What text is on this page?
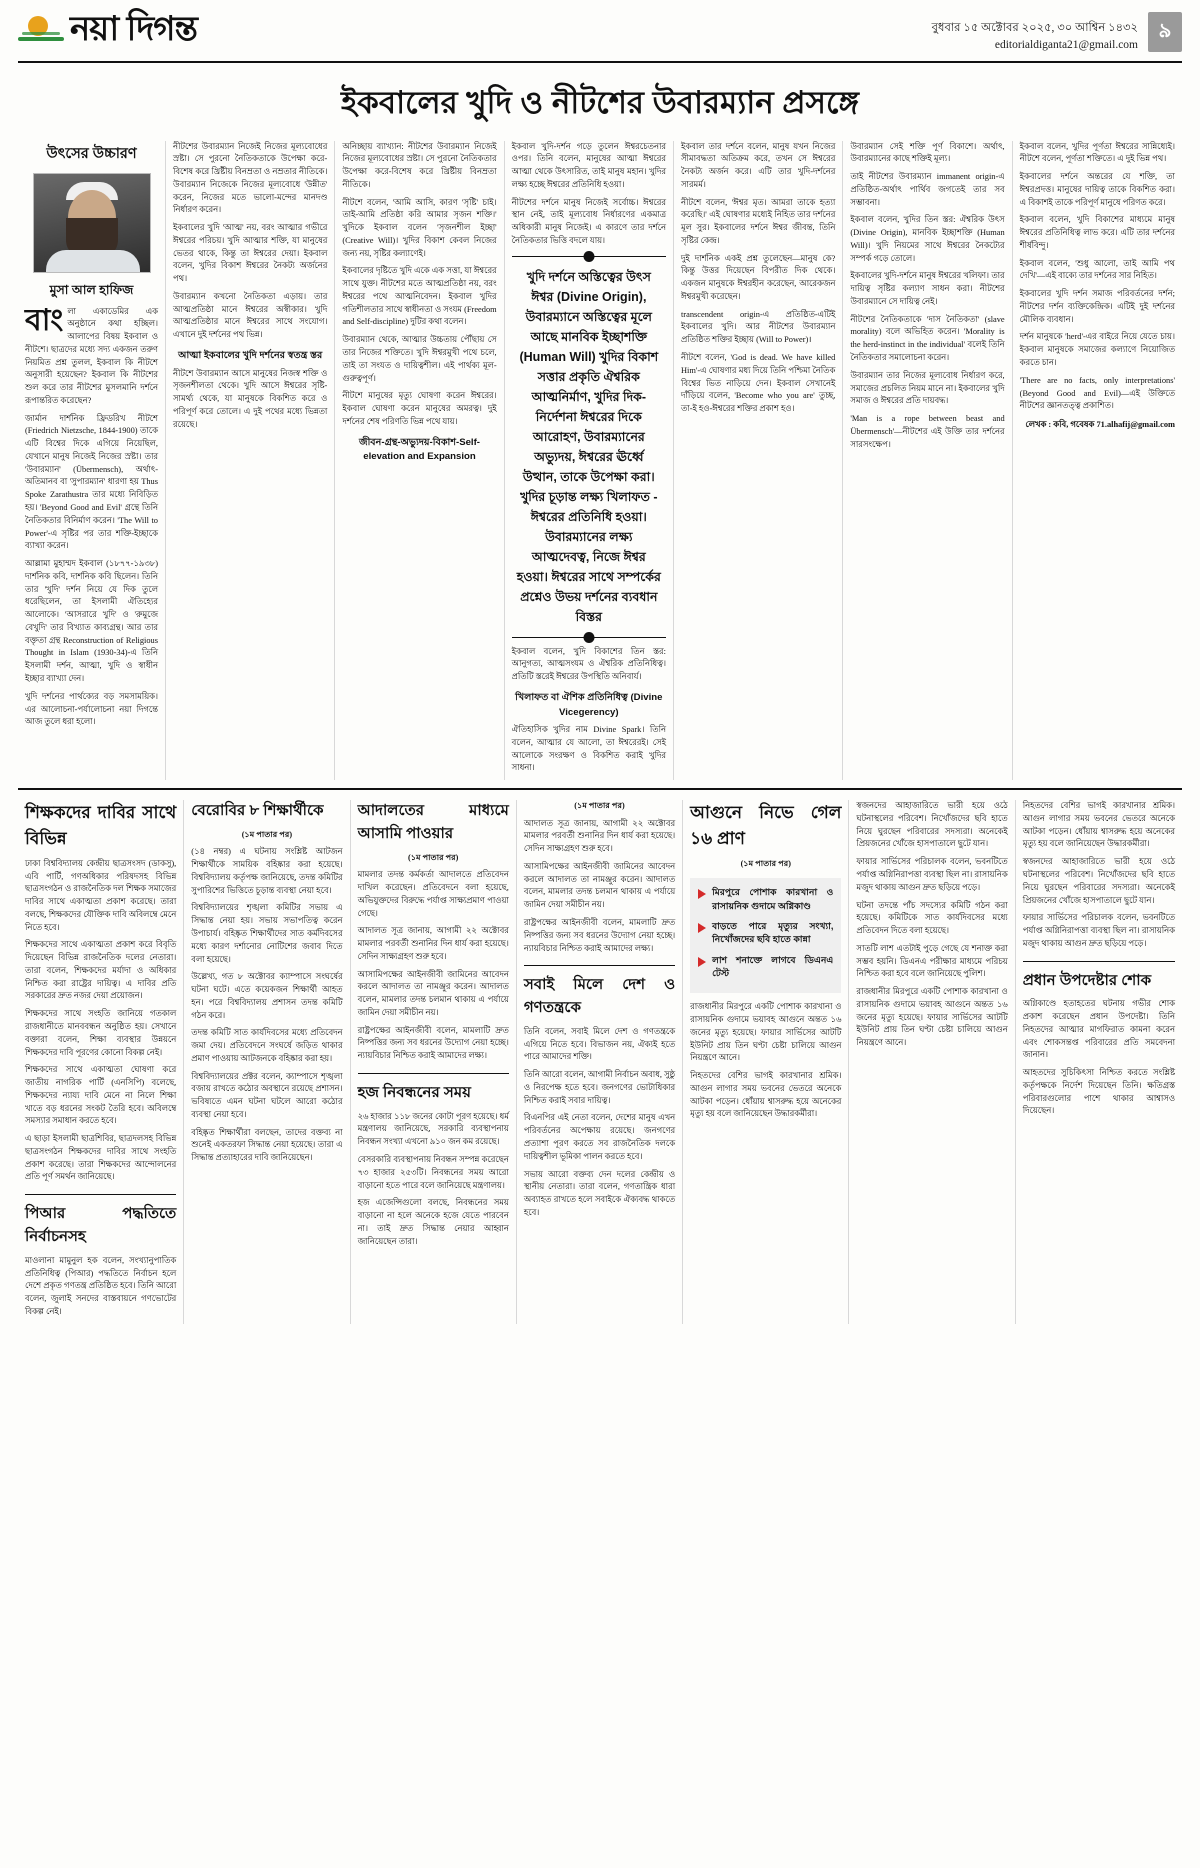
নয়া দিগন্ত	বুধবার ১৫ অক্টোবর ২০২৫, ৩০ আশ্বিন ১৪৩২
editorialdiganta21@gmail.com
৯
ইকবালের খুদি ও নীটশের উবারম্যান প্রসঙ্গে
উৎসের উচ্চারণ
মুসা আল হাফিজ

বাংলা একাডেমির এক অনুষ্ঠানে কথা হচ্ছিল। আলাপের বিষয় ইকবাল ও নীটশে। ছাত্রদের মধ্যে সদ্য একজন তরুণ নিয়মিত প্রশ্ন তুলল, ইকবাল কি নীটশে অনুসারী হয়েছেন? ইকবাল কি নীটশের শুল করে তার নীটশের মুসলমানি দর্শনে রূপান্তরিত করেছেন?

জার্মান দার্শনিক ফ্রিডরিখ নীটশে (Friedrich Nietzsche, 1844-1900) তাকে এটি বিশ্বের দিকে এগিয়ে নিয়েছিল, যেখানে মানুষ নিজেই নিজের স্রষ্টা। তার 'উবারম্যান' (Übermensch), অর্থাৎ-অতিমানব বা 'সুপারম্যান' ধারণা হয় Thus Spoke Zarathustra তার মধ্যে নিবিড়িত হয়। 'Beyond Good and Evil' গ্রন্থে তিনি নৈতিকতার বিনির্মাণ করেন। 'The Will to Power'-এ সৃষ্টির পর তার শক্তি-ইচ্ছাকে ব্যাখ্যা করেন।

আল্লামা মুহাম্মদ ইকবাল (১৮৭৭-১৯৩৮) দার্শনিক কবি, দার্শনিক কবি ছিলেন। তিনি তার 'খুদি' দর্শন নিয়ে যে দিক তুলে ধরেছিলেন, তা ইসলামী ঐতিহ্যের আলোকে। 'আসরারে খুদি' ও 'রুমুজে বেখুদি' তার বিখ্যাত কাব্যগ্রন্থ। আর তার বক্তৃতা গ্রন্থ Reconstruction of Religious Thought in Islam (1930-34)-এ তিনি ইসলামী দর্শন, আত্মা, খুদি ও স্বাধীন ইচ্ছার ব্যাখ্যা দেন।

খুদি দর্শনের পার্থক্যের বড় সমসাময়িক। এর আলোচনা-পর্যালোচনা নয়া দিগন্তে আজ তুলে ধরা হলো।

নীটশের উবারম্যান নিজেই নিজের মূল্যবোধের স্রষ্টা। সে পুরনো নৈতিকতাকে উপেক্ষা করে-বিশেষ করে খ্রিষ্টীয় বিনম্রতা ও নম্রতার নীতিকে। উবারম্যান নিজেকে নিজের মূল্যবোধে 'উন্নীত' করেন, নিজের মতে ভালো-মন্দের মানদণ্ড নির্ধারণ করেন।

ইকবালের খুদি 'আত্ম' নয়, বরং আত্মার গভীরে ঈশ্বরের পরিচয়। খুদি আত্মার শক্তি, যা মানুষের ভেতর থাকে, কিন্তু তা ঈশ্বরের দেয়া। ইকবাল বলেন, খুদির বিকাশ ঈশ্বরের নৈকট্য অর্জনের পথ।

উবারম্যান কখনো নৈতিকতা এড়ায়। তার আত্মপ্রতিষ্ঠা মানে ঈশ্বরের অস্বীকার। খুদি আত্মপ্রতিষ্ঠার মানে ঈশ্বরের সাথে সংযোগ। এখানে দুই দর্শনের পথ ভিন্ন।

আত্মা ইকবালের খুদি দর্শনের স্বতন্ত্র স্তর

নীটশে উবারম্যান আসে মানুষের নিজস্ব শক্তি ও সৃজনশীলতা থেকে। খুদি আসে ঈশ্বরের সৃষ্টি-সামর্থ্য থেকে, যা মানুষকে বিকশিত করে ও পরিপূর্ণ করে তোলে। এ দুই পথের মধ্যে ভিন্নতা রয়েছে।

অনিচ্ছায় ব্যাখ্যান: নীটশের উবারম্যান নিজেই নিজের মূল্যবোধের স্রষ্টা। সে পুরনো নৈতিকতার উপেক্ষা করে-বিশেষ করে খ্রিষ্টীয় বিনম্রতা নীতিকে।

নীটশে বলেন, 'আমি আসি, কারণ 'সৃষ্টি' চাই। তাই-আমি প্রতিষ্ঠা করি আমার সৃজন শক্তি।' খুদিকে ইকবাল বলেন 'সৃজনশীল ইচ্ছা' (Creative Will)। খুদির বিকাশ কেবল নিজের জন্য নয়, সৃষ্টির কল্যাণেই।

ইকবালের দৃষ্টিতে খুদি একে এক সত্তা, যা ঈশ্বরের সাথে যুক্ত। নীটশের মতে আত্মপ্রতিষ্ঠা নয়, বরং ঈশ্বরের পথে আত্মনিবেদন। ইকবাল খুদির গতিশীলতার সাথে স্বাধীনতা ও সংযম (Freedom and Self-discipline) দুটির কথা বলেন।

উবারম্যান থেকে, আত্মার উচ্চতায় পৌঁছায় সে তার নিজের শক্তিতে। খুদি ঈশ্বরমুখী পথে চলে, তাই তা সংযত ও দায়িত্বশীল। এই পার্থক্য মূল-গুরুত্বপূর্ণ।

নীটশে মানুষের মৃত্যু ঘোষণা করেন ঈশ্বরের। ইকবাল ঘোষণা করেন মানুষের অমরত্ব। দুই দর্শনের শেষ পরিণতি ভিন্ন পথে যায়।

জীবন-গ্রন্থ-অভ্যুদয়-বিকাশ-Self-elevation and Expansion

ইকবাল খুদি-দর্শন গড়ে তুলেন ঈশ্বরচেতনার ওপর। তিনি বলেন, মানুষের আত্মা ঈশ্বরের আত্মা থেকে উৎসারিত, তাই মানুষ মহান। খুদির লক্ষ্য হচ্ছে ঈশ্বরের প্রতিনিধি হওয়া।

নীটশের দর্শনে মানুষ নিজেই সর্বোচ্চ। ঈশ্বরের স্থান নেই, তাই মূল্যবোধ নির্ধারণের একমাত্র অধিকারী মানুষ নিজেই। এ কারণে তার দর্শনে নৈতিকতার ভিত্তি বদলে যায়।

খুদি দর্শনে অস্তিত্বের উৎস ঈশ্বর (Divine Origin), উবারম্যানে অস্তিত্বের মূলে আছে মানবিক ইচ্ছাশক্তি (Human Will) খুদির বিকাশ সত্তার প্রকৃতি ঐশ্বরিক আত্মনির্মাণ, খুদির দিক-নির্দেশনা ঈশ্বরের দিকে আরোহণ, উবারম্যানের অভ্যুদয়, ঈশ্বরের ঊর্ধ্বে উত্থান, তাকে উপেক্ষা করা। খুদির চূড়ান্ত লক্ষ্য খিলাফত - ঈশ্বরের প্রতিনিধি হওয়া। উবারম্যানের লক্ষ্য আত্মদেবত্ব, নিজে ঈশ্বর হওয়া। ঈশ্বরের সাথে সম্পর্কের প্রশ্নেও উভয় দর্শনের ব্যবধান বিস্তর

ইকবাল বলেন, খুদি বিকাশের তিন স্তর: আনুগত্য, আত্মসংযম ও ঐশ্বরিক প্রতিনিধিত্ব। প্রতিটি স্তরেই ঈশ্বরের উপস্থিতি অনিবার্য।

খিলাফত বা ঐশিক প্রতিনিধিত্ব (Divine Vicegerency)

ঐতিহাসিক খুদির নাম Divine Spark। তিনি বলেন, আত্মার যে আলো, তা ঈশ্বরেরই। সেই আলোকে সংরক্ষণ ও বিকশিত করাই খুদির সাধনা।

ইকবাল তার দর্শনে বলেন, মানুষ যখন নিজের সীমাবদ্ধতা অতিক্রম করে, তখন সে ঈশ্বরের নৈকট্য অর্জন করে। এটি তার খুদি-দর্শনের সারমর্ম।

নীটশে বলেন, 'ঈশ্বর মৃত। আমরা তাকে হত্যা করেছি।' এই ঘোষণার মধ্যেই নিহিত তার দর্শনের মূল সুর। ইকবালের দর্শনে ঈশ্বর জীবন্ত, তিনি সৃষ্টির কেন্দ্র।

দুই দার্শনিক একই প্রশ্ন তুলেছেন—মানুষ কে? কিন্তু উত্তর দিয়েছেন বিপরীত দিক থেকে। একজন মানুষকে ঈশ্বরহীন করেছেন, আরেকজন ঈশ্বরমুখী করেছেন।

transcendent origin-এ প্রতিষ্ঠিত-এটিই ইকবালের খুদি। আর নীটশের উবারম্যান প্রতিষ্ঠিত শক্তির ইচ্ছায় (Will to Power)।

নীটশে বলেন, 'God is dead. We have killed Him'-এ ঘোষণার মধ্য দিয়ে তিনি পশ্চিমা নৈতিক বিশ্বের ভিত নাড়িয়ে দেন। ইকবাল সেখানেই দাঁড়িয়ে বলেন, 'Become who you are' তুচ্ছ, তা-ই হও-ঈশ্বরের শক্তির প্রকাশ হও।

উবারম্যান সেই শক্তি পূর্ণ বিকাশে। অর্থাৎ, উবারম্যানের কাছে শক্তিই মূল্য।

তাই নীটশের উবারম্যান immanent origin-এ প্রতিষ্ঠিত-অর্থাৎ পার্থিব জগতেই তার সব সম্ভাবনা।

ইকবাল বলেন, খুদির তিন স্তর: ঐশ্বরিক উৎস (Divine Origin), মানবিক ইচ্ছাশক্তি (Human Will)। খুদি নিয়মের সাথে ঈশ্বরের নৈকট্যের সম্পর্ক গড়ে তোলে।

ইকবালের খুদি-দর্শনে মানুষ ঈশ্বরের খলিফা। তার দায়িত্ব সৃষ্টির কল্যাণ সাধন করা। নীটশের উবারম্যানে সে দায়িত্ব নেই।

নীটশের নৈতিকতাকে 'দাস নৈতিকতা' (slave morality) বলে অভিহিত করেন। 'Morality is the herd-instinct in the individual' বলেই তিনি নৈতিকতার সমালোচনা করেন।

উবারম্যান তার নিজের মূল্যবোধ নির্ধারণ করে, সমাজের প্রচলিত নিয়ম মানে না। ইকবালের খুদি সমাজ ও ঈশ্বরের প্রতি দায়বদ্ধ।

'Man is a rope between beast and Übermensch'—নীটশের এই উক্তি তার দর্শনের সারসংক্ষেপ।

ইকবাল বলেন, খুদির পূর্ণতা ঈশ্বরের সান্নিধ্যেই। নীটশে বলেন, পূর্ণতা শক্তিতে। এ দুই ভিন্ন পথ।

ইকবালের দর্শনে অন্তরের যে শক্তি, তা ঈশ্বরপ্রদত্ত। মানুষের দায়িত্ব তাকে বিকশিত করা। এ বিকাশই তাকে পরিপূর্ণ মানুষে পরিণত করে।

ইকবাল বলেন, খুদি বিকাশের মাধ্যমে মানুষ ঈশ্বরের প্রতিনিধিত্ব লাভ করে। এটি তার দর্শনের শীর্ষবিন্দু।

ইকবাল বলেন, 'শুধু আলো, তাই আমি পথ দেখি'—এই বাক্যে তার দর্শনের সার নিহিত।

ইকবালের খুদি দর্শন সমাজ পরিবর্তনের দর্শন; নীটশের দর্শন ব্যক্তিকেন্দ্রিক। এটিই দুই দর্শনের মৌলিক ব্যবধান।

দর্শন মানুষকে 'herd'-এর বাইরে নিয়ে যেতে চায়। ইকবাল মানুষকে সমাজের কল্যাণে নিয়োজিত করতে চান।

'There are no facts, only interpretations' (Beyond Good and Evil)—এই উক্তিতে নীটশের জ্ঞানতত্ত্ব প্রকাশিত।

লেখক : কবি, গবেষক 71.alhafij@gmail.com
শিক্ষকদের দাবির সাথে বিভিন্ন

ঢাকা বিশ্ববিদ্যালয় কেন্দ্রীয় ছাত্রসংসদ (ডাকসু), এবি পার্টি, গণঅধিকার পরিষদসহ বিভিন্ন ছাত্রসংগঠন ও রাজনৈতিক দল শিক্ষক সমাজের দাবির সাথে একাত্মতা প্রকাশ করেছে। তারা বলছে, শিক্ষকদের যৌক্তিক দাবি অবিলম্বে মেনে নিতে হবে।

শিক্ষকদের সাথে একাত্মতা প্রকাশ করে বিবৃতি দিয়েছেন বিভিন্ন রাজনৈতিক দলের নেতারা। তারা বলেন, শিক্ষকদের মর্যাদা ও অধিকার নিশ্চিত করা রাষ্ট্রের দায়িত্ব। এ দাবির প্রতি সরকারের দ্রুত নজর দেয়া প্রয়োজন।

শিক্ষকদের সাথে সংহতি জানিয়ে গতকাল রাজধানীতে মানববন্ধন অনুষ্ঠিত হয়। সেখানে বক্তারা বলেন, শিক্ষা ব্যবস্থার উন্নয়নে শিক্ষকদের দাবি পূরণের কোনো বিকল্প নেই।

শিক্ষকদের সাথে একাত্মতা ঘোষণা করে জাতীয় নাগরিক পার্টি (এনসিপি) বলেছে, শিক্ষকদের ন্যায্য দাবি মেনে না নিলে শিক্ষা খাতে বড় ধরনের সংকট তৈরি হবে। অবিলম্বে সমস্যার সমাধান করতে হবে।

এ ছাড়া ইসলামী ছাত্রশিবির, ছাত্রদলসহ বিভিন্ন ছাত্রসংগঠন শিক্ষকদের দাবির সাথে সংহতি প্রকাশ করেছে। তারা শিক্ষকদের আন্দোলনের প্রতি পূর্ণ সমর্থন জানিয়েছে।

পিআর পদ্ধতিতে নির্বাচনসহ

মাওলানা মামুনুল হক বলেন, সংখ্যানুপাতিক প্রতিনিধিত্ব (পিআর) পদ্ধতিতে নির্বাচন হলে দেশে প্রকৃত গণতন্ত্র প্রতিষ্ঠিত হবে। তিনি আরো বলেন, জুলাই সনদের বাস্তবায়নে গণভোটের বিকল্প নেই।

বেরোবির ৮ শিক্ষার্থীকে
(১ম পাতার পর)

(১৪ নম্বর) এ ঘটনায় সংশ্লিষ্ট আটজন শিক্ষার্থীকে সাময়িক বহিষ্কার করা হয়েছে। বিশ্ববিদ্যালয় কর্তৃপক্ষ জানিয়েছে, তদন্ত কমিটির সুপারিশের ভিত্তিতে চূড়ান্ত ব্যবস্থা নেয়া হবে।

বিশ্ববিদ্যালয়ের শৃঙ্খলা কমিটির সভায় এ সিদ্ধান্ত নেয়া হয়। সভায় সভাপতিত্ব করেন উপাচার্য। বহিষ্কৃত শিক্ষার্থীদের সাত কর্মদিবসের মধ্যে কারণ দর্শানোর নোটিশের জবাব দিতে বলা হয়েছে।

উল্লেখ্য, গত ৮ অক্টোবর ক্যাম্পাসে সংঘর্ষের ঘটনা ঘটে। এতে কয়েকজন শিক্ষার্থী আহত হন। পরে বিশ্ববিদ্যালয় প্রশাসন তদন্ত কমিটি গঠন করে।

তদন্ত কমিটি সাত কার্যদিবসের মধ্যে প্রতিবেদন জমা দেয়। প্রতিবেদনে সংঘর্ষে জড়িত থাকার প্রমাণ পাওয়ায় আটজনকে বহিষ্কার করা হয়।

বিশ্ববিদ্যালয়ের প্রক্টর বলেন, ক্যাম্পাসে শৃঙ্খলা বজায় রাখতে কঠোর অবস্থানে রয়েছে প্রশাসন। ভবিষ্যতে এমন ঘটনা ঘটলে আরো কঠোর ব্যবস্থা নেয়া হবে।

বহিষ্কৃত শিক্ষার্থীরা বলছেন, তাদের বক্তব্য না শুনেই একতরফা সিদ্ধান্ত নেয়া হয়েছে। তারা এ সিদ্ধান্ত প্রত্যাহারের দাবি জানিয়েছেন।

আদালতের মাধ্যমে আসামি পাওয়ার
(১ম পাতার পর)

মামলার তদন্ত কর্মকর্তা আদালতে প্রতিবেদন দাখিল করেছেন। প্রতিবেদনে বলা হয়েছে, অভিযুক্তদের বিরুদ্ধে পর্যাপ্ত সাক্ষ্যপ্রমাণ পাওয়া গেছে।

আদালত সূত্র জানায়, আগামী ২২ অক্টোবর মামলার পরবর্তী শুনানির দিন ধার্য করা হয়েছে। সেদিন সাক্ষ্যগ্রহণ শুরু হবে।

আসামিপক্ষের আইনজীবী জামিনের আবেদন করলে আদালত তা নামঞ্জুর করেন। আদালত বলেন, মামলার তদন্ত চলমান থাকায় এ পর্যায়ে জামিন দেয়া সমীচীন নয়।

রাষ্ট্রপক্ষের আইনজীবী বলেন, মামলাটি দ্রুত নিষ্পত্তির জন্য সব ধরনের উদ্যোগ নেয়া হচ্ছে। ন্যায়বিচার নিশ্চিত করাই আমাদের লক্ষ্য।

হজ নিবন্ধনের সময়

২৬ হাজার ১১৮ জনের কোটা পূরণ হয়েছে। ধর্ম মন্ত্রণালয় জানিয়েছে, সরকারি ব্যবস্থাপনায় নিবন্ধন সংখ্যা এখনো ৯১০ জন কম রয়েছে।

বেসরকারি ব্যবস্থাপনায় নিবন্ধন সম্পন্ন করেছেন ৭৩ হাজার ২৫৩টি। নিবন্ধনের সময় আরো বাড়ানো হতে পারে বলে জানিয়েছে মন্ত্রণালয়।

হজ এজেন্সিগুলো বলছে, নিবন্ধনের সময় বাড়ানো না হলে অনেকে হজে যেতে পারবেন না। তাই দ্রুত সিদ্ধান্ত নেয়ার আহ্বান জানিয়েছেন তারা।

(১ম পাতার পর)

আদালত সূত্র জানায়, আগামী ২২ অক্টোবর মামলার পরবর্তী শুনানির দিন ধার্য করা হয়েছে। সেদিন সাক্ষ্যগ্রহণ শুরু হবে।

আসামিপক্ষের আইনজীবী জামিনের আবেদন করলে আদালত তা নামঞ্জুর করেন। আদালত বলেন, মামলার তদন্ত চলমান থাকায় এ পর্যায়ে জামিন দেয়া সমীচীন নয়।

রাষ্ট্রপক্ষের আইনজীবী বলেন, মামলাটি দ্রুত নিষ্পত্তির জন্য সব ধরনের উদ্যোগ নেয়া হচ্ছে। ন্যায়বিচার নিশ্চিত করাই আমাদের লক্ষ্য।

সবাই মিলে দেশ ও গণতন্ত্রকে

তিনি বলেন, সবাই মিলে দেশ ও গণতন্ত্রকে এগিয়ে নিতে হবে। বিভাজন নয়, ঐক্যই হতে পারে আমাদের শক্তি।

তিনি আরো বলেন, আগামী নির্বাচন অবাধ, সুষ্ঠু ও নিরপেক্ষ হতে হবে। জনগণের ভোটাধিকার নিশ্চিত করাই সবার দায়িত্ব।

বিএনপির এই নেতা বলেন, দেশের মানুষ এখন পরিবর্তনের অপেক্ষায় রয়েছে। জনগণের প্রত্যাশা পূরণ করতে সব রাজনৈতিক দলকে দায়িত্বশীল ভূমিকা পালন করতে হবে।

সভায় আরো বক্তব্য দেন দলের কেন্দ্রীয় ও স্থানীয় নেতারা। তারা বলেন, গণতান্ত্রিক ধারা অব্যাহত রাখতে হলে সবাইকে ঐক্যবদ্ধ থাকতে হবে।

আগুনে নিভে গেল ১৬ প্রাণ
(১ম পাতার পর)
মিরপুরে পোশাক কারখানা ও রাসায়নিক গুদামে অগ্নিকাণ্ড
বাড়তে পারে মৃত্যুর সংখ্যা, নিখোঁজদের ছবি হাতে কান্না
লাশ শনাক্তে লাগবে ডিএনএ টেস্ট

রাজধানীর মিরপুরে একটি পোশাক কারখানা ও রাসায়নিক গুদামে ভয়াবহ আগুনে অন্তত ১৬ জনের মৃত্যু হয়েছে। ফায়ার সার্ভিসের আটটি ইউনিট প্রায় তিন ঘণ্টা চেষ্টা চালিয়ে আগুন নিয়ন্ত্রণে আনে।

নিহতদের বেশির ভাগই কারখানার শ্রমিক। আগুন লাগার সময় ভবনের ভেতরে অনেকে আটকা পড়েন। ধোঁয়ায় শ্বাসরুদ্ধ হয়ে অনেকের মৃত্যু হয় বলে জানিয়েছেন উদ্ধারকর্মীরা।

স্বজনদের আহাজারিতে ভারী হয়ে ওঠে ঘটনাস্থলের পরিবেশ। নিখোঁজদের ছবি হাতে নিয়ে ঘুরছেন পরিবারের সদস্যরা। অনেকেই প্রিয়জনের খোঁজে হাসপাতালে ছুটে যান।

ফায়ার সার্ভিসের পরিচালক বলেন, ভবনটিতে পর্যাপ্ত অগ্নিনিরাপত্তা ব্যবস্থা ছিল না। রাসায়নিক মজুদ থাকায় আগুন দ্রুত ছড়িয়ে পড়ে।

ঘটনা তদন্তে পাঁচ সদস্যের কমিটি গঠন করা হয়েছে। কমিটিকে সাত কার্যদিবসের মধ্যে প্রতিবেদন দিতে বলা হয়েছে।

সাতটি লাশ এতটাই পুড়ে গেছে যে শনাক্ত করা সম্ভব হয়নি। ডিএনএ পরীক্ষার মাধ্যমে পরিচয় নিশ্চিত করা হবে বলে জানিয়েছে পুলিশ।

রাজধানীর মিরপুরে একটি পোশাক কারখানা ও রাসায়নিক গুদামে ভয়াবহ আগুনে অন্তত ১৬ জনের মৃত্যু হয়েছে। ফায়ার সার্ভিসের আটটি ইউনিট প্রায় তিন ঘণ্টা চেষ্টা চালিয়ে আগুন নিয়ন্ত্রণে আনে।

নিহতদের বেশির ভাগই কারখানার শ্রমিক। আগুন লাগার সময় ভবনের ভেতরে অনেকে আটকা পড়েন। ধোঁয়ায় শ্বাসরুদ্ধ হয়ে অনেকের মৃত্যু হয় বলে জানিয়েছেন উদ্ধারকর্মীরা।

স্বজনদের আহাজারিতে ভারী হয়ে ওঠে ঘটনাস্থলের পরিবেশ। নিখোঁজদের ছবি হাতে নিয়ে ঘুরছেন পরিবারের সদস্যরা। অনেকেই প্রিয়জনের খোঁজে হাসপাতালে ছুটে যান।

ফায়ার সার্ভিসের পরিচালক বলেন, ভবনটিতে পর্যাপ্ত অগ্নিনিরাপত্তা ব্যবস্থা ছিল না। রাসায়নিক মজুদ থাকায় আগুন দ্রুত ছড়িয়ে পড়ে।

প্রধান উপদেষ্টার শোক

অগ্নিকাণ্ডে হতাহতের ঘটনায় গভীর শোক প্রকাশ করেছেন প্রধান উপদেষ্টা। তিনি নিহতদের আত্মার মাগফিরাত কামনা করেন এবং শোকসন্তপ্ত পরিবারের প্রতি সমবেদনা জানান।

আহতদের সুচিকিৎসা নিশ্চিত করতে সংশ্লিষ্ট কর্তৃপক্ষকে নির্দেশ দিয়েছেন তিনি। ক্ষতিগ্রস্ত পরিবারগুলোর পাশে থাকার আশ্বাসও দিয়েছেন।
